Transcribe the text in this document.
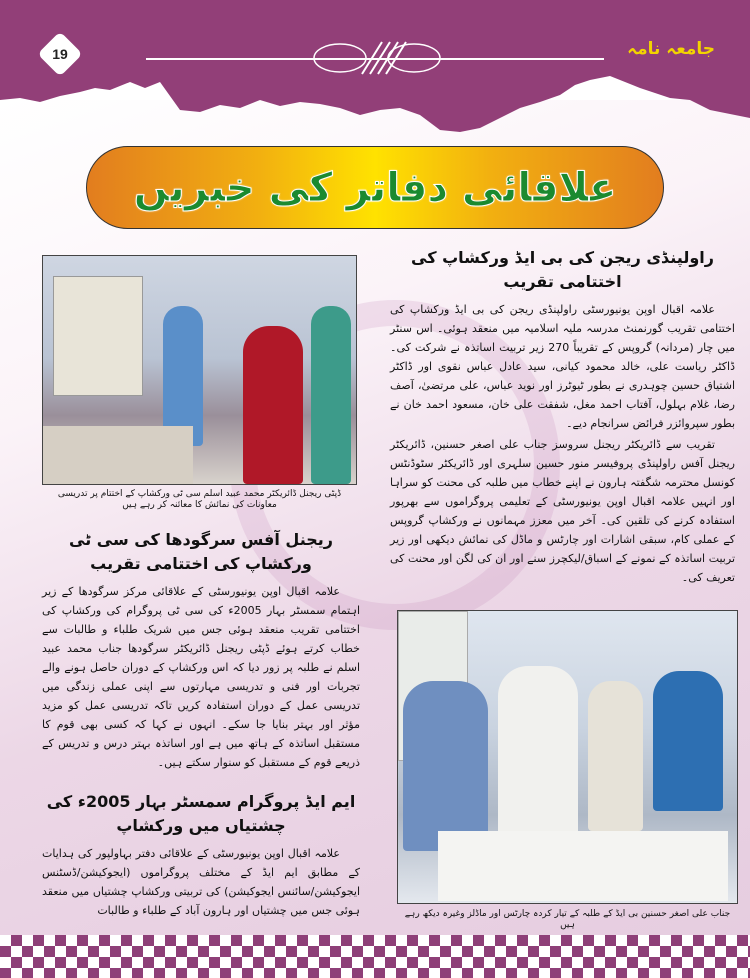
19	جامعہ نامہ
علاقائی دفاتر کی خبریں
راولپنڈی ریجن کی بی ایڈ ورکشاپ کی اختتامی تقریب
علامہ اقبال اوپن یونیورسٹی راولپنڈی ریجن کی بی ایڈ ورکشاپ کی اختتامی تقریب گورنمنٹ مدرسہ ملیہ اسلامیہ میں منعقد ہوئی۔ اس سنٹر میں چار (مردانہ) گروپس کے تقریباً 270 زیر تربیت اساتذہ نے شرکت کی۔ ڈاکٹر ریاست علی، خالد محمود کیانی، سید عادل عباس نقوی اور ڈاکٹر اشتیاق حسین چوہدری نے بطور ٹیوٹرز اور نوید عباس، علی مرتضیٰ، آصف رضا، غلام بہلول، آفتاب احمد مغل، شفقت علی خان، مسعود احمد خان نے بطور سپروائزر فرائض سرانجام دیے۔
تقریب سے ڈائریکٹر ریجنل سروسز جناب علی اصغر حسنین، ڈائریکٹر ریجنل آفس راولپنڈی پروفیسر منور حسین سلہری اور ڈائریکٹر سٹوڈنٹس کونسل محترمہ شگفتہ ہارون نے اپنے خطاب میں طلبہ کی محنت کو سراہا اور انہیں علامہ اقبال اوپن یونیورسٹی کے تعلیمی پروگراموں سے بھرپور استفادہ کرنے کی تلقین کی۔ آخر میں معزز مہمانوں نے ورکشاپ گروپس کے عملی کام، سبقی اشارات اور چارٹس و ماڈل کی نمائش دیکھی اور زیر تربیت اساتذہ کے نمونے کے اسباق/لیکچرز سنے اور ان کی لگن اور محنت کی تعریف کی۔
ڈپٹی ریجنل ڈائریکٹر محمد عبید اسلم سی ٹی ورکشاپ کے اختتام پر تدریسی معاونات کی نمائش کا معائنہ کر رہے ہیں
ریجنل آفس سرگودھا کی سی ٹی ورکشاپ کی اختتامی تقریب
علامہ اقبال اوپن یونیورسٹی کے علاقائی مرکز سرگودھا کے زیر اہتمام سمسٹر بہار 2005ء کی سی ٹی پروگرام کی ورکشاپ کی اختتامی تقریب منعقد ہوئی جس میں شریک طلباء و طالبات سے خطاب کرتے ہوئے ڈپٹی ریجنل ڈائریکٹر سرگودھا جناب محمد عبید اسلم نے طلبہ پر زور دیا کہ اس ورکشاپ کے دوران حاصل ہونے والے تجربات اور فنی و تدریسی مہارتوں سے اپنی عملی زندگی میں تدریسی عمل کے دوران استفادہ کریں تاکہ تدریسی عمل کو مزید مؤثر اور بہتر بنایا جا سکے۔ انہوں نے کہا کہ کسی بھی قوم کا مستقبل اساتذہ کے ہاتھ میں ہے اور اساتذہ بہتر درس و تدریس کے ذریعے قوم کے مستقبل کو سنوار سکتے ہیں۔
ایم ایڈ پروگرام سمسٹر بہار 2005ء کی چشتیاں میں ورکشاپ
علامہ اقبال اوپن یونیورسٹی کے علاقائی دفتر بہاولپور کی ہدایات کے مطابق ایم ایڈ کے مختلف پروگراموں (ایجوکیشن/ڈسٹنس ایجوکیشن/سائنس ایجوکیشن) کی تربیتی ورکشاپ چشتیاں میں منعقد ہوئی جس میں چشتیاں اور ہارون آباد کے طلباء و طالبات	جناب علی اصغر حسنین بی ایڈ کے طلبہ کے تیار کردہ چارٹس اور ماڈلز وغیرہ دیکھ رہے ہیں
